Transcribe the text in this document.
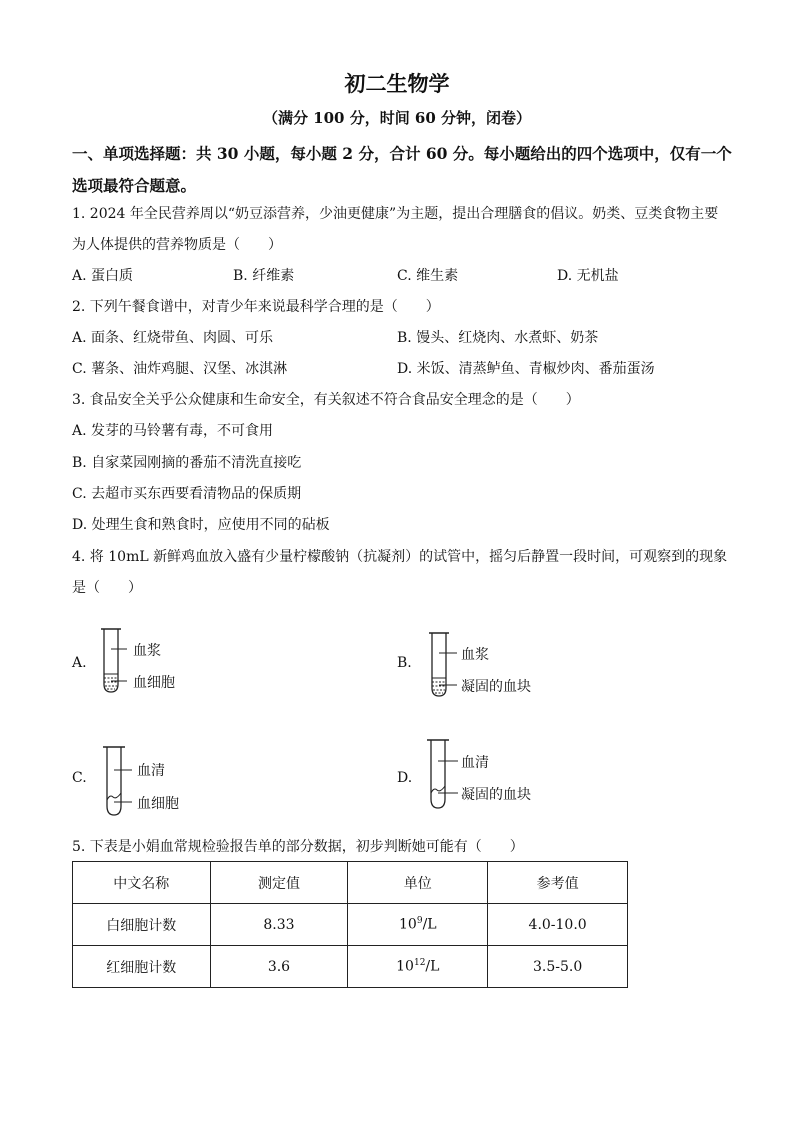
初二生物学
（满分 100 分，时间 60 分钟，闭卷）
一、单项选择题：共 30 小题，每小题 2 分，合计 60 分。每小题给出的四个选项中，仅有一个选项最符合题意。
1. 2024 年全民营养周以“奶豆添营养，少油更健康”为主题，提出合理膳食的倡议。奶类、豆类食物主要
为人体提供的营养物质是（　　）
A. 蛋白质	B. 纤维素	C. 维生素	D. 无机盐
2. 下列午餐食谱中，对青少年来说最科学合理的是（　　）
A. 面条、红烧带鱼、肉圆、可乐	B. 馒头、红烧肉、水煮虾、奶茶
C. 薯条、油炸鸡腿、汉堡、冰淇淋	D. 米饭、清蒸鲈鱼、青椒炒肉、番茄蛋汤
3. 食品安全关乎公众健康和生命安全，有关叙述不符合食品安全理念的是（　　）
A. 发芽的马铃薯有毒，不可食用
B. 自家菜园刚摘的番茄不清洗直接吃
C. 去超市买东西要看清物品的保质期
D. 处理生食和熟食时，应使用不同的砧板
4. 将 10mL 新鲜鸡血放入盛有少量柠檬酸钠（抗凝剂）的试管中，摇匀后静置一段时间，可观察到的现象
是（　　）
A.
血浆
血细胞
B.	血浆
凝固的血块
C.	血清
血细胞
D.
血清
凝固的血块
5. 下表是小娟血常规检验报告单的部分数据，初步判断她可能有（　　）
中文名称	测定值	单位	参考值
白细胞计数	8.33	$10^9/L$	4.0-10.0
红细胞计数	3.6	$10^{12}/L$	3.5-5.0
